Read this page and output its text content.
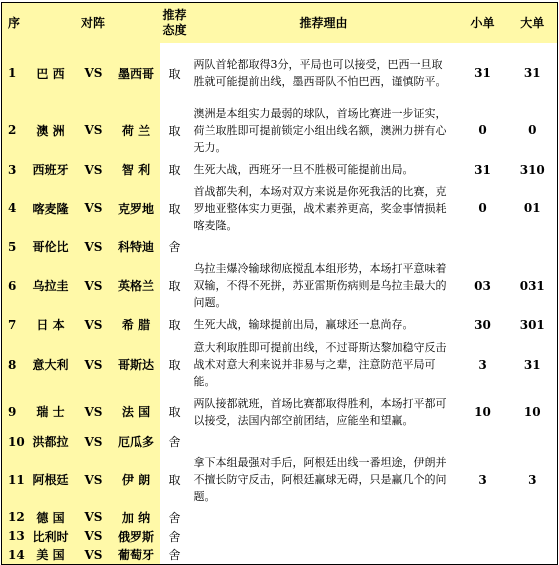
序	对阵			推荐态度	推荐理由	小单	大单
1	巴 西	VS	墨西哥	取	两队首轮都取得3分，平局也可以接受，巴西一旦取胜就可能提前出线，墨西哥队不怕巴西，谨慎防平。	31	31
2	澳 洲	VS	荷 兰	取	澳洲是本组实力最弱的球队，首场比赛进一步证实，荷兰取胜即可提前锁定小组出线名额，澳洲力拼有心无力。	0	0
3	西班牙	VS	智 利	取	生死大战，西班牙一旦不胜极可能提前出局。	31	310
4	喀麦隆	VS	克罗地	取	首战都失利，本场对双方来说是你死我活的比赛，克罗地亚整体实力更强，战术素养更高，奖金事情损耗喀麦隆。	0	01
5	哥伦比	VS	科特迪	舍			
6	乌拉圭	VS	英格兰	取	乌拉圭爆冷输球彻底搅乱本组形势，本场打平意味着双输，不得不死拼，苏亚雷斯伤病则是乌拉圭最大的问题。	03	031
7	日 本	VS	希 腊	取	生死大战，输球提前出局，赢球还一息尚存。	30	301
8	意大利	VS	哥斯达	取	意大利取胜即可提前出线，不过哥斯达黎加稳守反击战术对意大利来说并非易与之辈，注意防范平局可能。	3	31
9	瑞 士	VS	法 国	取	两队接都就班，首场比赛都取得胜利，本场打平都可以接受，法国内部空前团结，应能坐和望赢。	10	10
10	洪都拉	VS	厄瓜多	舍			
11	阿根廷	VS	伊 朗	取	拿下本组最强对手后，阿根廷出线一番坦途，伊朗并不擅长防守反击，阿根廷赢球无碍，只是赢几个的问题。	3	3
12	德 国	VS	加 纳	舍			
13	比利时	VS	俄罗斯	舍			
14	美 国	VS	葡萄牙	舍			
